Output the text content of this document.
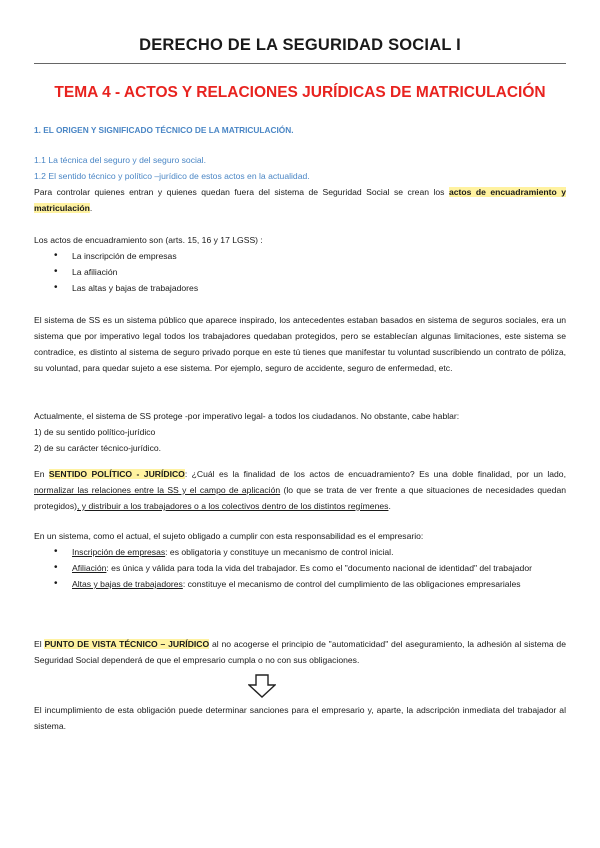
DERECHO DE LA SEGURIDAD SOCIAL I
TEMA 4 - ACTOS Y RELACIONES JURÍDICAS DE MATRICULACIÓN
1. EL ORIGEN Y SIGNIFICADO TÉCNICO DE LA MATRICULACIÓN.
1.1 La técnica del seguro y del seguro social.
1.2 El sentido técnico y político –jurídico de estos actos en la actualidad.
Para controlar quienes entran y quienes quedan fuera del sistema de Seguridad Social se crean los actos de encuadramiento y matriculación.
Los actos de encuadramiento son (arts. 15, 16 y 17 LGSS) :
• La inscripción de empresas
• La afiliación
• Las altas y bajas de trabajadores
El sistema de SS es un sistema público que aparece inspirado, los antecedentes estaban basados en sistema de seguros sociales, era un sistema que por imperativo legal todos los trabajadores quedaban protegidos, pero se establecían algunas limitaciones, este sistema se contradice, es distinto al sistema de seguro privado porque en este tú tienes que manifestar tu voluntad suscribiendo un contrato de póliza, su voluntad, para quedar sujeto a ese sistema. Por ejemplo, seguro de accidente, seguro de enfermedad, etc.
Actualmente, el sistema de SS protege -por imperativo legal- a todos los ciudadanos. No obstante, cabe hablar:
1) de su sentido político-jurídico
2) de su carácter técnico-jurídico.
En SENTIDO POLÍTICO - JURÍDICO: ¿Cuál es la finalidad de los actos de encuadramiento? Es una doble finalidad, por un lado, normalizar las relaciones entre la SS y el campo de aplicación (lo que se trata de ver frente a que situaciones de necesidades quedan protegidos), y distribuir a los trabajadores o a los colectivos dentro de los distintos regímenes.
En un sistema, como el actual, el sujeto obligado a cumplir con esta responsabilidad es el empresario:
• Inscripción de empresas: es obligatoria y constituye un mecanismo de control inicial.
• Afiliación: es única y válida para toda la vida del trabajador. Es como el "documento nacional de identidad" del trabajador
• Altas y bajas de trabajadores: constituye el mecanismo de control del cumplimiento de las obligaciones empresariales
El PUNTO DE VISTA TÉCNICO – JURÍDICO al no acogerse el principio de "automaticidad" del aseguramiento, la adhesión al sistema de Seguridad Social dependerá de que el empresario cumpla o no con sus obligaciones.
El incumplimiento de esta obligación puede determinar sanciones para el empresario y, aparte, la adscripción inmediata del trabajador al sistema.
